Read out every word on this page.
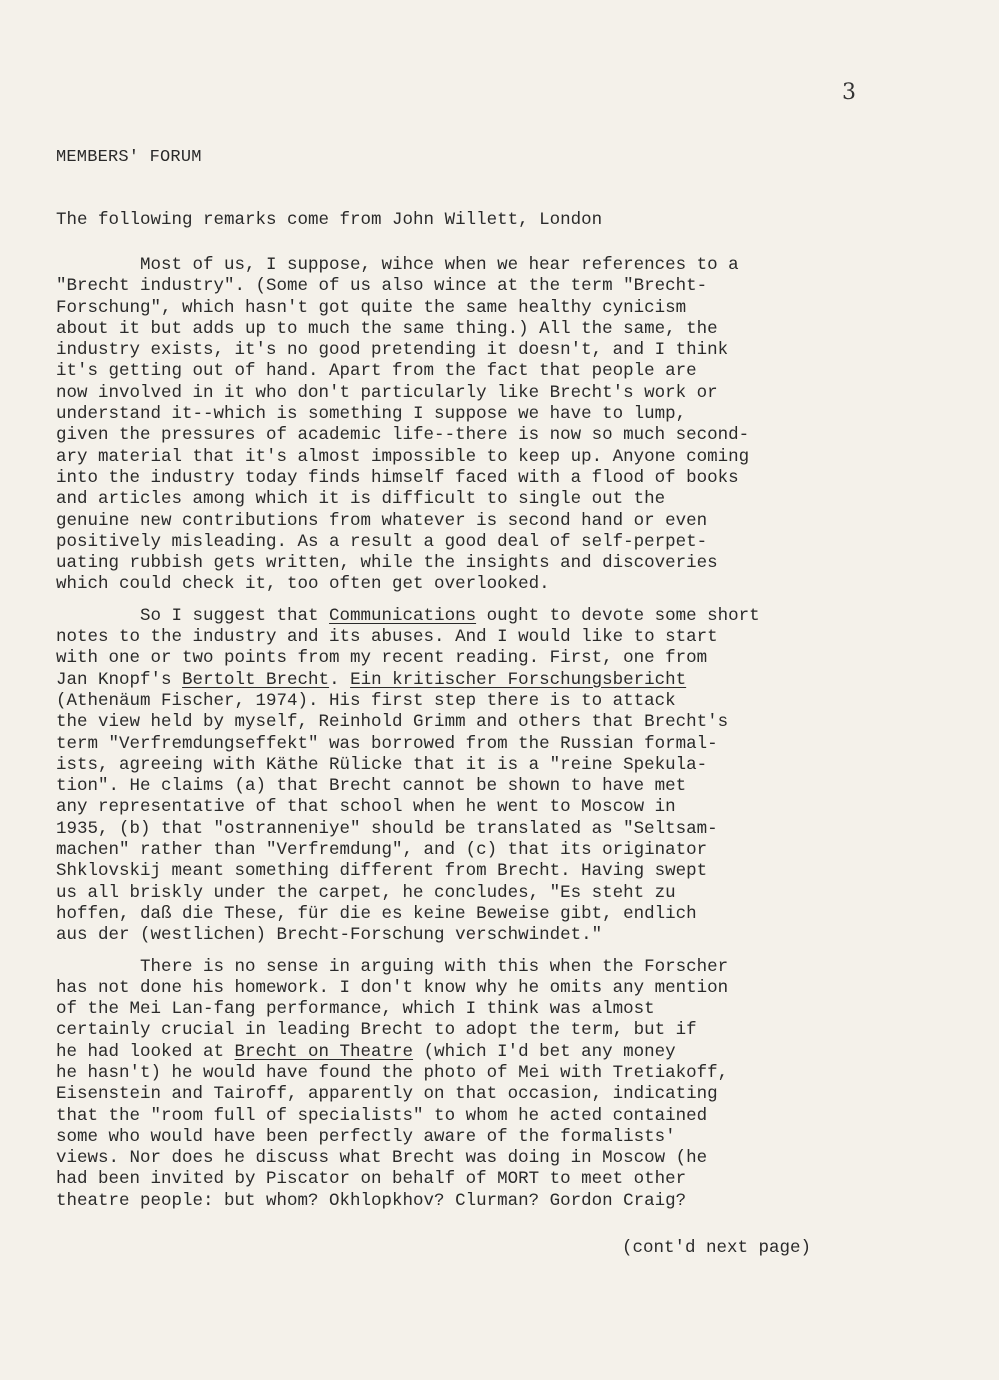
3
MEMBERS' FORUM
The following remarks come from John Willett, London
Most of us, I suppose, wihce when we hear references to a
"Brecht industry". (Some of us also wince at the term "Brecht-
Forschung", which hasn't got quite the same healthy cynicism
about it but adds up to much the same thing.) All the same, the
industry exists, it's no good pretending it doesn't, and I think
it's getting out of hand. Apart from the fact that people are
now involved in it who don't particularly like Brecht's work or
understand it--which is something I suppose we have to lump,
given the pressures of academic life--there is now so much second-
ary material that it's almost impossible to keep up. Anyone coming
into the industry today finds himself faced with a flood of books
and articles among which it is difficult to single out the
genuine new contributions from whatever is second hand or even
positively misleading. As a result a good deal of self-perpet-
uating rubbish gets written, while the insights and discoveries
which could check it, too often get overlooked.
So I suggest that Communications ought to devote some short
notes to the industry and its abuses. And I would like to start
with one or two points from my recent reading. First, one from
Jan Knopf's Bertolt Brecht. Ein kritischer Forschungsbericht
(Athenäum Fischer, 1974). His first step there is to attack
the view held by myself, Reinhold Grimm and others that Brecht's
term "Verfremdungseffekt" was borrowed from the Russian formal-
ists, agreeing with Käthe Rülicke that it is a "reine Spekula-
tion". He claims (a) that Brecht cannot be shown to have met
any representative of that school when he went to Moscow in
1935, (b) that "ostranneniye" should be translated as "Seltsam-
machen" rather than "Verfremdung", and (c) that its originator
Shklovskij meant something different from Brecht. Having swept
us all briskly under the carpet, he concludes, "Es steht zu
hoffen, daß die These, für die es keine Beweise gibt, endlich
aus der (westlichen) Brecht-Forschung verschwindet."
There is no sense in arguing with this when the Forscher
has not done his homework. I don't know why he omits any mention
of the Mei Lan-fang performance, which I think was almost
certainly crucial in leading Brecht to adopt the term, but if
he had looked at Brecht on Theatre (which I'd bet any money
he hasn't) he would have found the photo of Mei with Tretiakoff,
Eisenstein and Tairoff, apparently on that occasion, indicating
that the "room full of specialists" to whom he acted contained
some who would have been perfectly aware of the formalists'
views. Nor does he discuss what Brecht was doing in Moscow (he
had been invited by Piscator on behalf of MORT to meet other
theatre people: but whom? Okhlopkhov? Clurman? Gordon Craig?
(cont'd next page)
